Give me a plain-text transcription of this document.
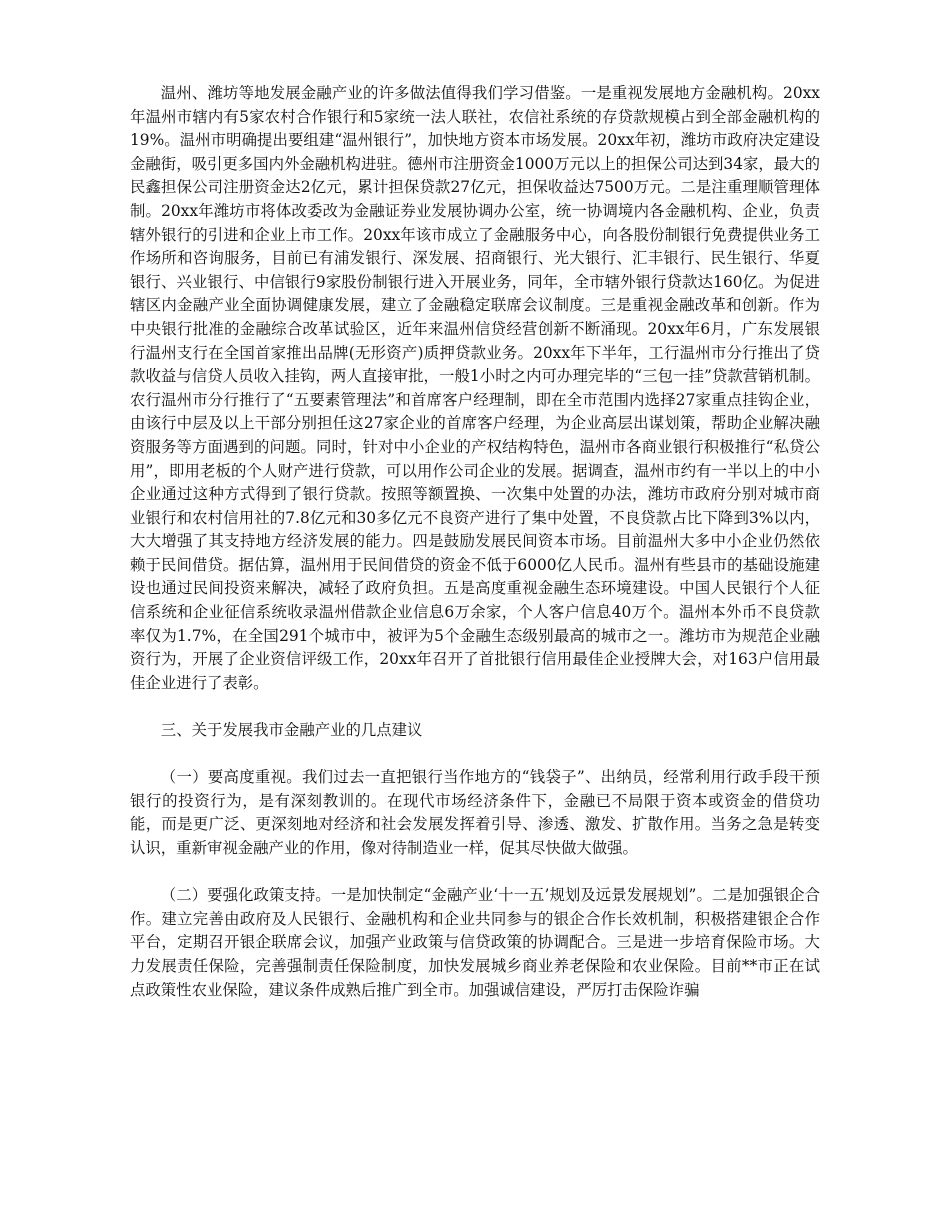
温州、潍坊等地发展金融产业的许多做法值得我们学习借鉴。一是重视发展地方金融机构。20xx年温州市辖内有5家农村合作银行和5家统一法人联社，农信社系统的存贷款规模占到全部金融机构的19%。温州市明确提出要组建“温州银行”，加快地方资本市场发展。20xx年初，潍坊市政府决定建设金融街，吸引更多国内外金融机构进驻。德州市注册资金1000万元以上的担保公司达到34家，最大的民鑫担保公司注册资金达2亿元，累计担保贷款27亿元，担保收益达7500万元。二是注重理顺管理体制。20xx年潍坊市将体改委改为金融证券业发展协调办公室，统一协调境内各金融机构、企业，负责辖外银行的引进和企业上市工作。20xx年该市成立了金融服务中心，向各股份制银行免费提供业务工作场所和咨询服务，目前已有浦发银行、深发展、招商银行、光大银行、汇丰银行、民生银行、华夏银行、兴业银行、中信银行9家股份制银行进入开展业务，同年，全市辖外银行贷款达160亿。为促进辖区内金融产业全面协调健康发展，建立了金融稳定联席会议制度。三是重视金融改革和创新。作为中央银行批准的金融综合改革试验区，近年来温州信贷经营创新不断涌现。20xx年6月，广东发展银行温州支行在全国首家推出品牌(无形资产)质押贷款业务。20xx年下半年，工行温州市分行推出了贷款收益与信贷人员收入挂钩，两人直接审批，一般1小时之内可办理完毕的“三包一挂”贷款营销机制。农行温州市分行推行了“五要素管理法”和首席客户经理制，即在全市范围内选择27家重点挂钩企业，由该行中层及以上干部分别担任这27家企业的首席客户经理，为企业高层出谋划策，帮助企业解决融资服务等方面遇到的问题。同时，针对中小企业的产权结构特色，温州市各商业银行积极推行“私贷公用”，即用老板的个人财产进行贷款，可以用作公司企业的发展。据调查，温州市约有一半以上的中小企业通过这种方式得到了银行贷款。按照等额置换、一次集中处置的办法，潍坊市政府分别对城市商业银行和农村信用社的7.8亿元和30多亿元不良资产进行了集中处置，不良贷款占比下降到3%以内，大大增强了其支持地方经济发展的能力。四是鼓励发展民间资本市场。目前温州大多中小企业仍然依赖于民间借贷。据估算，温州用于民间借贷的资金不低于6000亿人民币。温州有些县市的基础设施建设也通过民间投资来解决，减轻了政府负担。五是高度重视金融生态环境建设。中国人民银行个人征信系统和企业征信系统收录温州借款企业信息6万余家，个人客户信息40万个。温州本外币不良贷款率仅为1.7%，在全国291个城市中，被评为5个金融生态级别最高的城市之一。潍坊市为规范企业融资行为，开展了企业资信评级工作，20xx年召开了首批银行信用最佳企业授牌大会，对163户信用最佳企业进行了表彰。

三、关于发展我市金融产业的几点建议

（一）要高度重视。我们过去一直把银行当作地方的“钱袋子”、出纳员，经常利用行政手段干预银行的投资行为，是有深刻教训的。在现代市场经济条件下，金融已不局限于资本或资金的借贷功能，而是更广泛、更深刻地对经济和社会发展发挥着引导、渗透、激发、扩散作用。当务之急是转变认识，重新审视金融产业的作用，像对待制造业一样，促其尽快做大做强。

（二）要强化政策支持。一是加快制定“金融产业‘十一五’规划及远景发展规划”。二是加强银企合作。建立完善由政府及人民银行、金融机构和企业共同参与的银企合作长效机制，积极搭建银企合作平台，定期召开银企联席会议，加强产业政策与信贷政策的协调配合。三是进一步培育保险市场。大力发展责任保险，完善强制责任保险制度，加快发展城乡商业养老保险和农业保险。目前**市正在试点政策性农业保险，建议条件成熟后推广到全市。加强诚信建设，严厉打击保险诈骗
